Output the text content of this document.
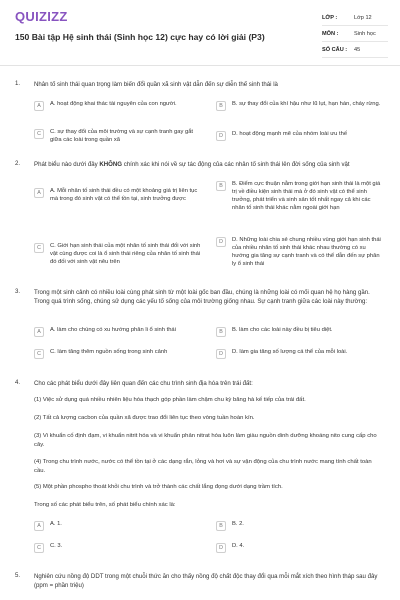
QUIZIZZ
150 Bài tập Hệ sinh thái (Sinh học 12) cực hay có lời giải (P3)
LỚP :	Lớp 12
MÔN :	Sinh học
SỐ CÂU :	45
1. Nhân tố sinh thái quan trọng làm biến đổi quần xã sinh vật dẫn đến sự diễn thế sinh thái là
A	A. hoạt động khai thác tài nguyên của con người.	B	B. sự thay đổi của khí hậu như lũ lụt, hạn hán, cháy rừng.
C	C. sự thay đổi của môi trường và sự cạnh tranh gay gắt giữa các loài trong quần xã
D	D. hoạt động mạnh mẽ của nhóm loài ưu thế
2. Phát biểu nào dưới đây KHÔNG chính xác khi nói về sự tác động của các nhân tố sinh thái lên đời sống của sinh vật
A	A. Mỗi nhân tố sinh thái đều có một khoảng giá trị liên tục mà trong đó sinh vật có thể tồn tại, sinh trưởng được
B	B. Điểm cực thuận nằm trong giới hạn sinh thái là một giá trị về điều kiện sinh thái mà ở đó sinh vật có thể sinh trưởng, phát triển và sinh sản tốt nhất ngay cả khi các nhân tố sinh thái khác nằm ngoài giới hạn
C	C. Giới hạn sinh thái của một nhân tố sinh thái đối với sinh vật cùng được coi là ổ sinh thái riêng của nhân tố sinh thái đó đối với sinh vật nêu trên
D	D. Những loài chia sẻ chung nhiều vùng giới hạn sinh thái của nhiều nhân tố sinh thái khác nhau thường có xu hướng gia tăng sự cạnh tranh và có thể dẫn đến sự phân ly ổ sinh thái
3. Trong một sinh cảnh có nhiều loài cùng phát sinh từ một loài gốc ban đầu, chúng là những loài có mối quan hệ họ hàng gần. Trong quá trình sống, chúng sử dụng các yếu tố sống của môi trường giống nhau. Sự cạnh tranh giữa các loài này thường:
A	A. làm cho chúng có xu hướng phân li ổ sinh thái	B	B. làm cho các loài này đều bị tiêu diệt.
C	C. làm tăng thêm nguồn sống trong sinh cảnh	D	D. làm gia tăng số lượng cá thể của mỗi loài.
4. Cho các phát biểu dưới đây liên quan đến các chu trình sinh địa hóa trên trái đất:
(1) Việc sử dụng quá nhiều nhiên liệu hóa thạch góp phần làm chậm chu kỳ băng hà kế tiếp của trái đất.
(2) Tất cả lượng cacbon của quần xã được trao đổi liên tục theo vòng tuần hoàn kín.
(3) Vi khuẩn cố định đạm, vi khuẩn nitrit hóa và vi khuẩn phản nitrat hóa luôn làm giàu nguồn dinh dưỡng khoáng nito cung cấp cho cây.
(4) Trong chu trình nước, nước có thể tồn tại ở các dạng rắn, lỏng và hơi và sự vận động của chu trình nước mang tính chất toàn cầu.
(5) Một phần phospho thoát khỏi chu trình và trở thành các chất lắng đọng dưới dạng trầm tích.
Trong số các phát biểu trên, số phát biểu chính xác là:
A	A. 1.	B	B. 2.
C	C. 3.	D	D. 4.
5. Nghiên cứu nồng độ DDT trong một chuỗi thức ăn cho thấy nồng độ chất độc thay đổi qua mỗi mắt xích theo hình tháp sau đây (ppm = phần triệu)
